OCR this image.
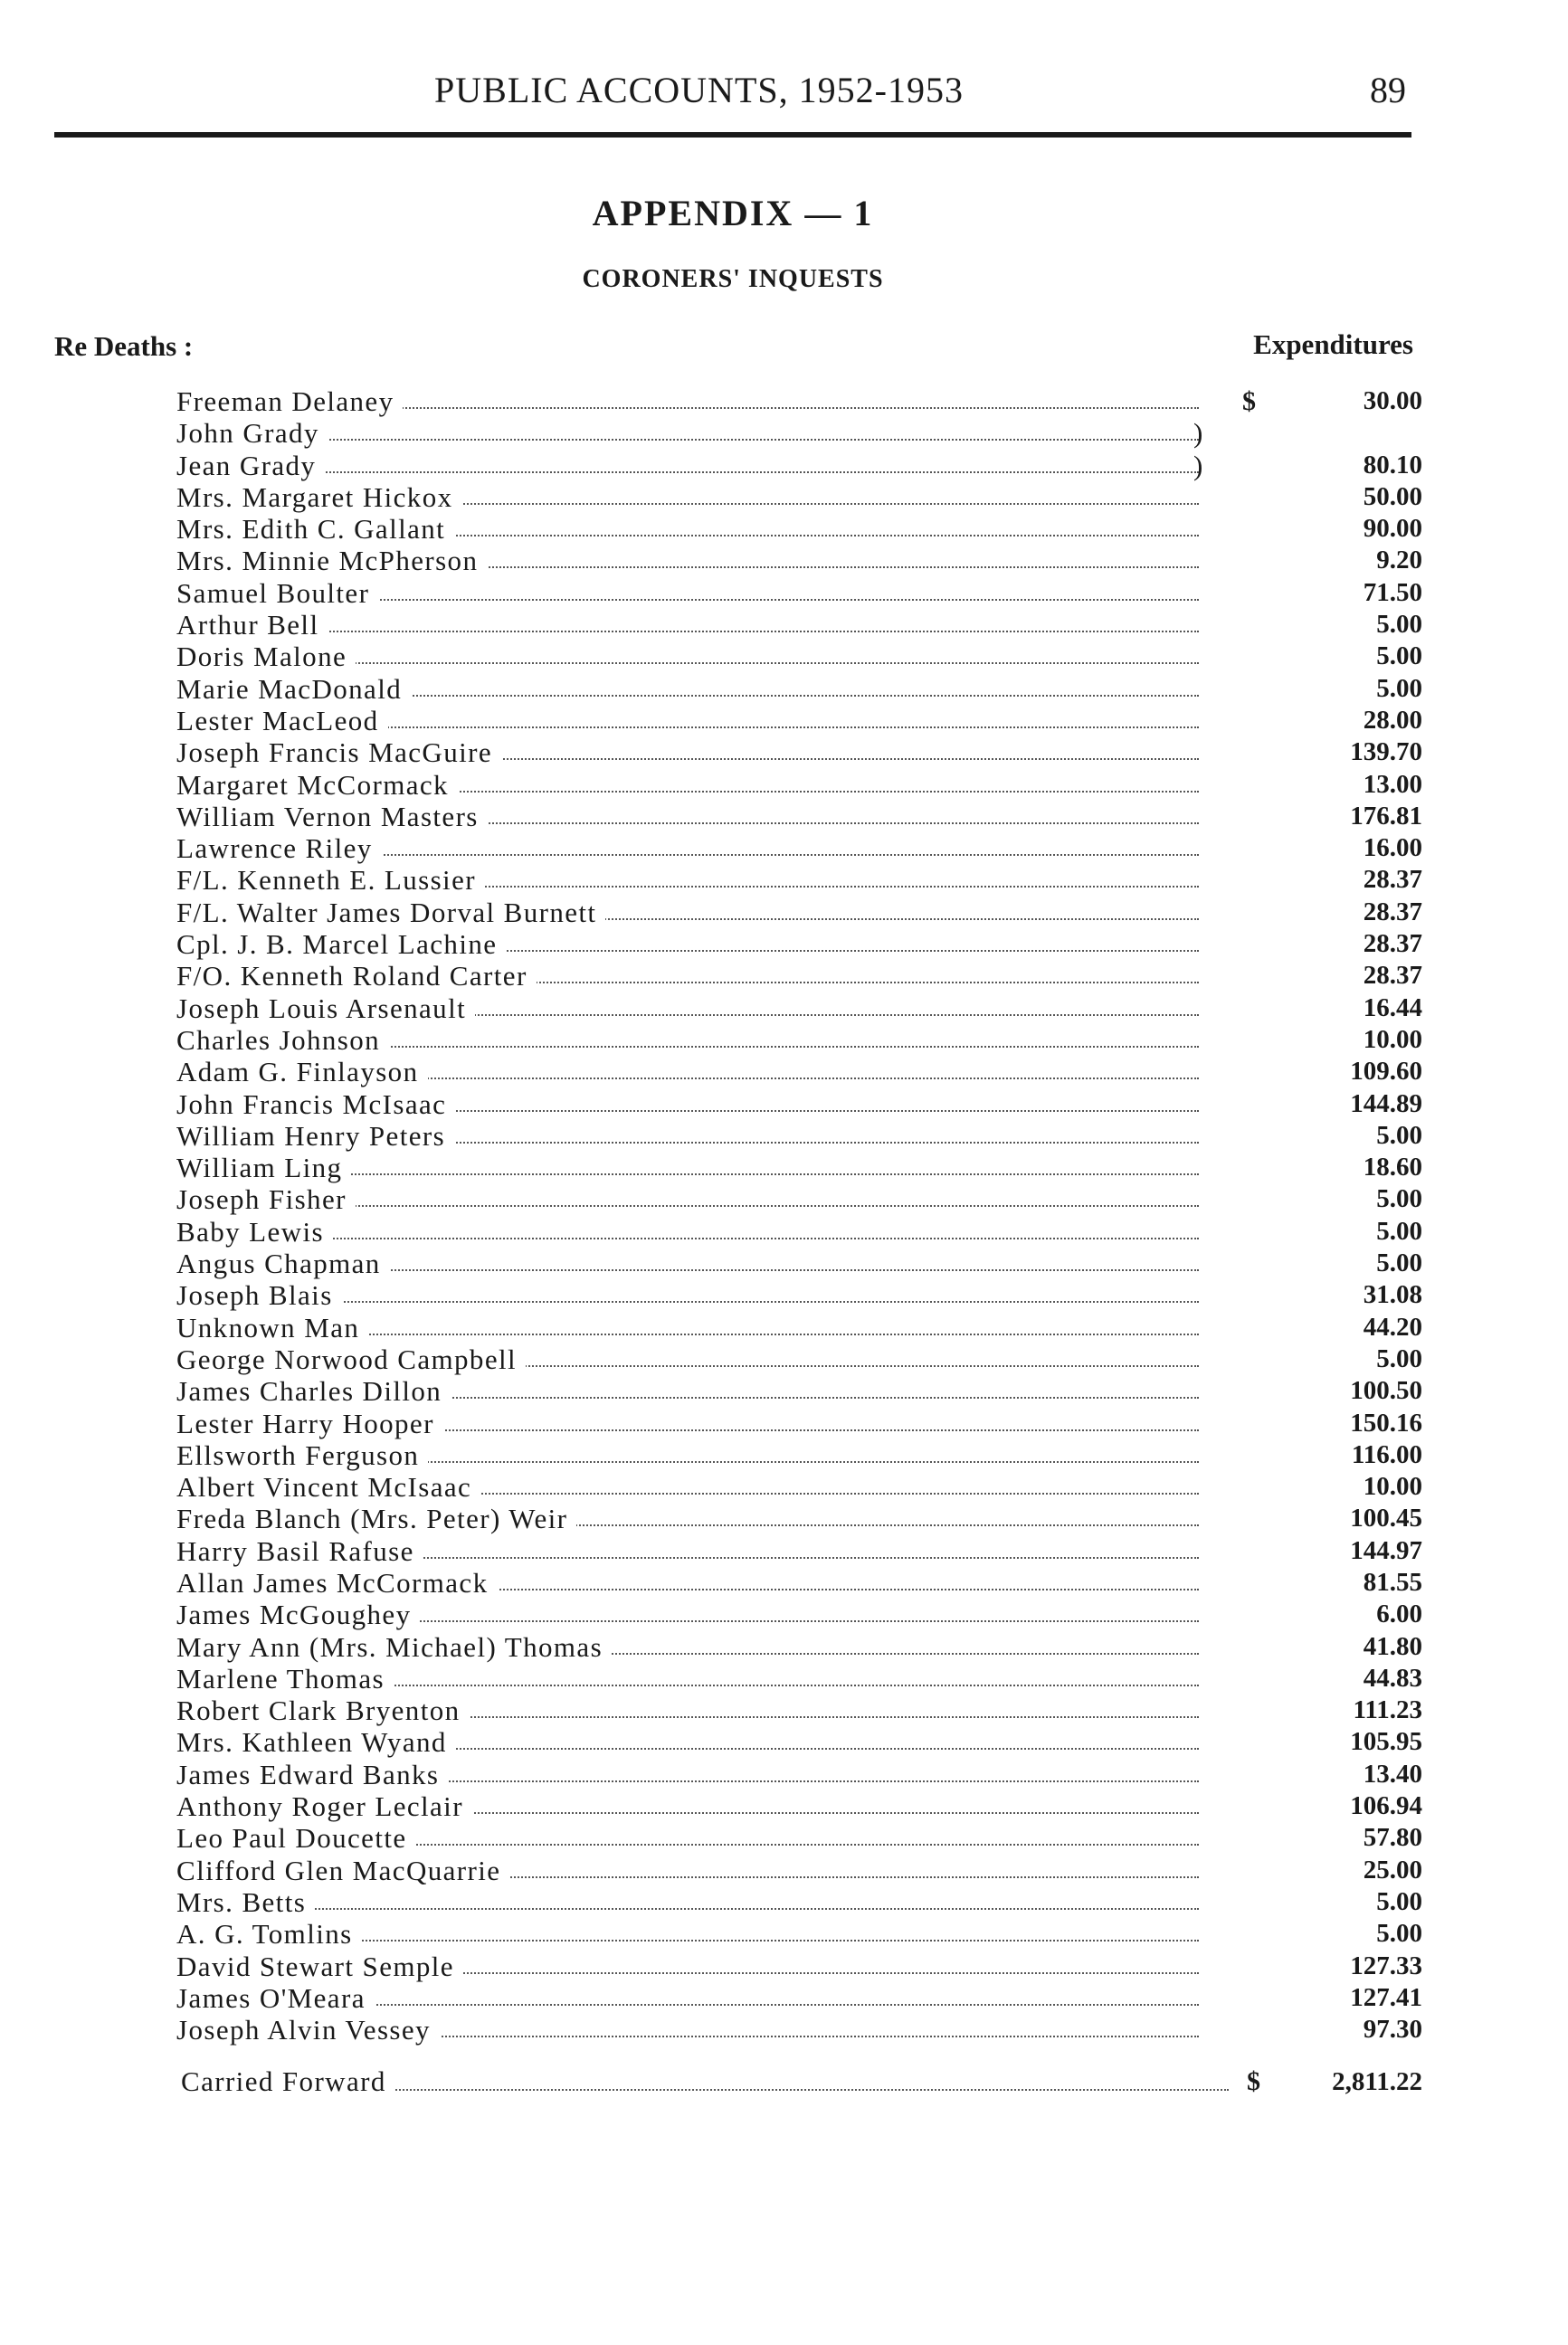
PUBLIC ACCOUNTS, 1952-1953	89
APPENDIX — 1
CORONERS' INQUESTS
Re Deaths :	Expenditures
Freeman Delaney	$	30.00
John Grady	)
Jean Grady	)	80.10
Mrs. Margaret Hickox	50.00
Mrs. Edith C. Gallant	90.00
Mrs. Minnie McPherson	9.20
Samuel Boulter	71.50
Arthur Bell	5.00
Doris Malone	5.00
Marie MacDonald	5.00
Lester MacLeod	28.00
Joseph Francis MacGuire	139.70
Margaret McCormack	13.00
William Vernon Masters	176.81
Lawrence Riley	16.00
F/L. Kenneth E. Lussier	28.37
F/L. Walter James Dorval Burnett	28.37
Cpl. J. B. Marcel Lachine	28.37
F/O. Kenneth Roland Carter	28.37
Joseph Louis Arsenault	16.44
Charles Johnson	10.00
Adam G. Finlayson	109.60
John Francis McIsaac	144.89
William Henry Peters	5.00
William Ling	18.60
Joseph Fisher	5.00
Baby Lewis	5.00
Angus Chapman	5.00
Joseph Blais	31.08
Unknown Man	44.20
George Norwood Campbell	5.00
James Charles Dillon	100.50
Lester Harry Hooper	150.16
Ellsworth Ferguson	116.00
Albert Vincent McIsaac	10.00
Freda Blanch (Mrs. Peter) Weir	100.45
Harry Basil Rafuse	144.97
Allan James McCormack	81.55
James McGoughey	6.00
Mary Ann (Mrs. Michael) Thomas	41.80
Marlene Thomas	44.83
Robert Clark Bryenton	111.23
Mrs. Kathleen Wyand	105.95
James Edward Banks	13.40
Anthony Roger Leclair	106.94
Leo Paul Doucette	57.80
Clifford Glen MacQuarrie	25.00
Mrs. Betts	5.00
A. G. Tomlins	5.00
David Stewart Semple	127.33
James O'Meara	127.41
Joseph Alvin Vessey	97.30
Carried Forward	$	2,811.22
